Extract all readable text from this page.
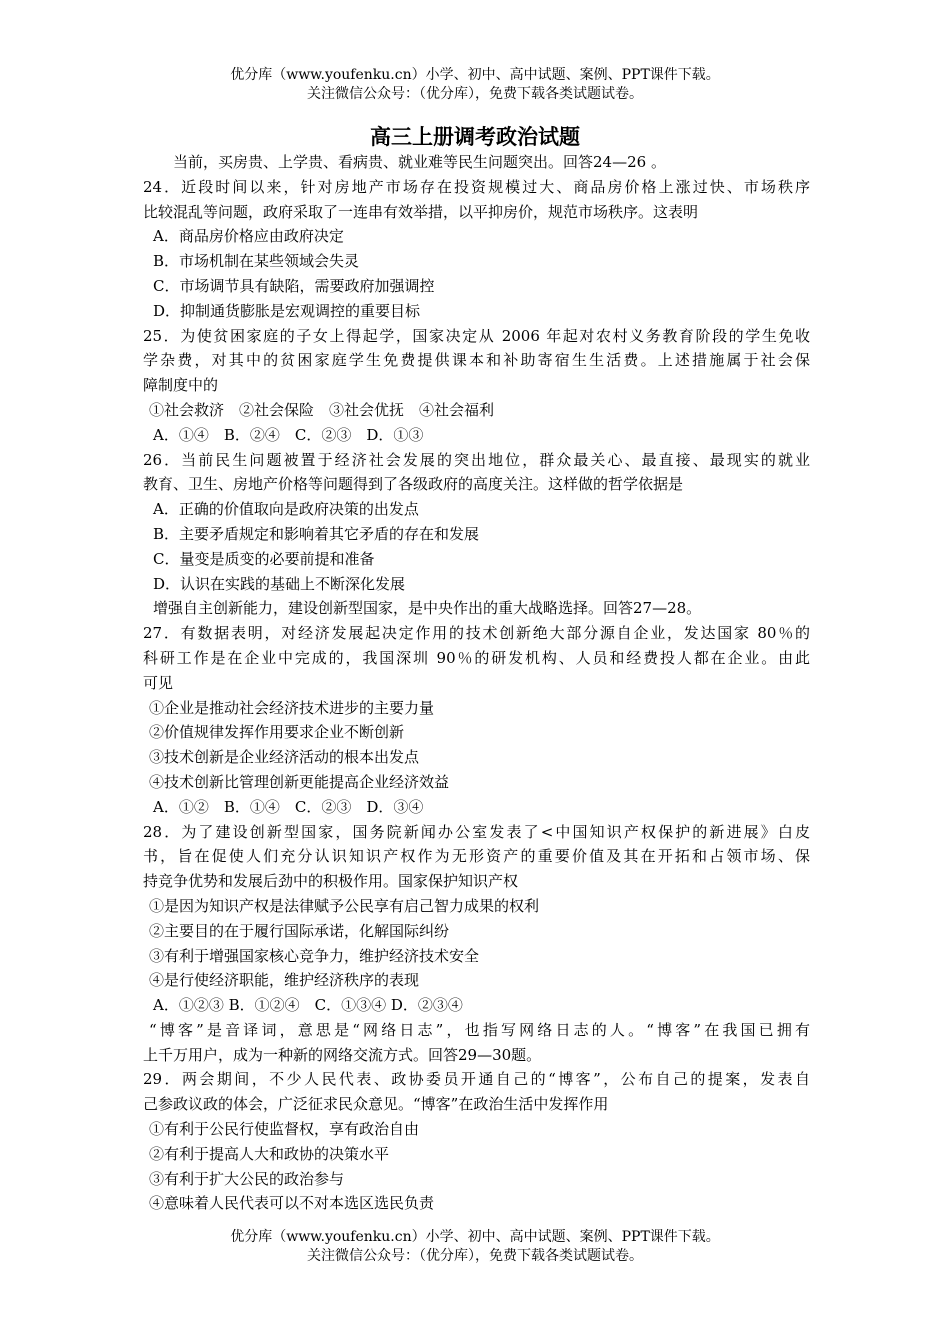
优分库（www.youfenku.cn）小学、初中、高中试题、案例、PPT课件下载。
关注微信公众号：（优分库），免费下载各类试题试卷。
高三上册调考政治试题
当前，买房贵、上学贵、看病贵、就业难等民生问题突出。回答24—26 。
24．近段时间以来，针对房地产市场存在投资规模过大、商品房价格上涨过快、市场秩序
比较混乱等问题，政府采取了一连串有效举措，以平抑房价，规范市场秩序。这表明
A．商品房价格应由政府决定
B．市场机制在某些领域会失灵
C．市场调节具有缺陷，需要政府加强调控
D．抑制通货膨胀是宏观调控的重要目标
25．为使贫困家庭的子女上得起学，国家决定从 2006 年起对农村义务教育阶段的学生免收
学杂费，对其中的贫困家庭学生免费提供课本和补助寄宿生生活费。上述措施属于社会保
障制度中的
①社会救济　②社会保险　③社会优抚　④社会福利
A．①④　B．②④　C．②③　D．①③
26．当前民生问题被置于经济社会发展的突出地位，群众最关心、最直接、最现实的就业
教育、卫生、房地产价格等问题得到了各级政府的高度关注。这样做的哲学依据是
A．正确的价值取向是政府决策的出发点
B．主要矛盾规定和影响着其它矛盾的存在和发展
C．量变是质变的必要前提和准备
D．认识在实践的基础上不断深化发展
增强自主创新能力，建设创新型国家，是中央作出的重大战略选择。回答27—28。
27．有数据表明，对经济发展起决定作用的技术创新绝大部分源自企业，发达国家 80％的
科研工作是在企业中完成的，我国深圳 90％的研发机构、人员和经费投人都在企业。由此
可见
①企业是推动社会经济技术进步的主要力量
②价值规律发挥作用要求企业不断创新
③技术创新是企业经济活动的根本出发点
④技术创新比管理创新更能提高企业经济效益
A．①②　B．①④　C．②③　D．③④
28．为了建设创新型国家，国务院新闻办公室发表了<中国知识产权保护的新进展》白皮
书，旨在促使人们充分认识知识产权作为无形资产的重要价值及其在开拓和占领市场、保
持竞争优势和发展后劲中的积极作用。国家保护知识产权
①是因为知识产权是法律赋予公民享有启己智力成果的权利
②主要目的在于履行国际承诺，化解国际纠纷
③有利于增强国家核心竞争力，维护经济技术安全
④是行使经济职能，维护经济秩序的表现
A．①②③ B．①②④　C．①③④ D．②③④
“博客”是音译词，意思是“网络日志”，也指写网络日志的人。“博客”在我国已拥有
上千万用户，成为一种新的网络交流方式。回答29—30题。
29．两会期间，不少人民代表、政协委员开通自己的“博客”，公布自己的提案，发表自
己参政议政的体会，广泛征求民众意见。“博客”在政治生活中发挥作用
①有利于公民行使监督权，享有政治自由
②有利于提高人大和政协的决策水平
③有利于扩大公民的政治参与
④意味着人民代表可以不对本选区选民负责
优分库（www.youfenku.cn）小学、初中、高中试题、案例、PPT课件下载。
关注微信公众号：（优分库），免费下载各类试题试卷。
